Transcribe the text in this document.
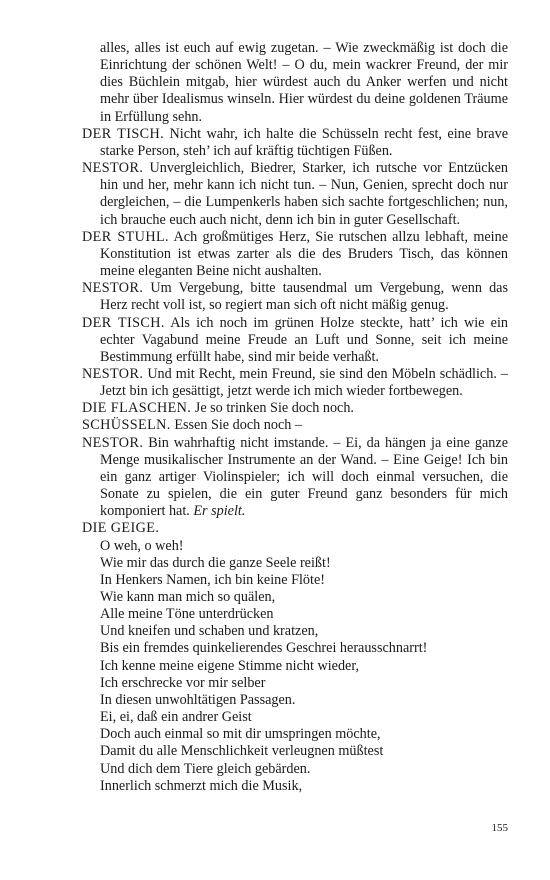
alles, alles ist euch auf ewig zugetan. – Wie zweckmäßig ist doch die Einrichtung der schönen Welt! – O du, mein wackrer Freund, der mir dies Büchlein mitgab, hier würdest auch du Anker werfen und nicht mehr über Idealismus winseln. Hier würdest du deine goldenen Träume in Erfüllung sehn.

DER TISCH. Nicht wahr, ich halte die Schüsseln recht fest, eine brave starke Person, steh’ ich auf kräftig tüchtigen Füßen.

NESTOR. Unvergleichlich, Biedrer, Starker, ich rutsche vor Entzücken hin und her, mehr kann ich nicht tun. – Nun, Genien, sprecht doch nur dergleichen, – die Lumpenkerls haben sich sachte fortgeschlichen; nun, ich brauche euch auch nicht, denn ich bin in guter Gesellschaft.

DER STUHL. Ach großmütiges Herz, Sie rutschen allzu lebhaft, meine Konstitution ist etwas zarter als die des Bruders Tisch, das können meine eleganten Beine nicht aushalten.

NESTOR. Um Vergebung, bitte tausendmal um Vergebung, wenn das Herz recht voll ist, so regiert man sich oft nicht mäßig genug.

DER TISCH. Als ich noch im grünen Holze steckte, hatt’ ich wie ein echter Vagabund meine Freude an Luft und Sonne, seit ich meine Bestimmung erfüllt habe, sind mir beide verhaßt.

NESTOR. Und mit Recht, mein Freund, sie sind den Möbeln schädlich. – Jetzt bin ich gesättigt, jetzt werde ich mich wieder fortbewegen.

DIE FLASCHEN. Je so trinken Sie doch noch.

SCHÜSSELN. Essen Sie doch noch –

NESTOR. Bin wahrhaftig nicht imstande. – Ei, da hängen ja eine ganze Menge musikalischer Instrumente an der Wand. – Eine Geige! Ich bin ein ganz artiger Violinspieler; ich will doch einmal versuchen, die Sonate zu spielen, die ein guter Freund ganz besonders für mich komponiert hat. Er spielt.

DIE GEIGE.

O weh, o weh!

Wie mir das durch die ganze Seele reißt!

In Henkers Namen, ich bin keine Flöte!

Wie kann man mich so quälen,

Alle meine Töne unterdrücken

Und kneifen und schaben und kratzen,

Bis ein fremdes quinkelierendes Geschrei herausschnarrt!

Ich kenne meine eigene Stimme nicht wieder,

Ich erschrecke vor mir selber

In diesen unwohltätigen Passagen.

Ei, ei, daß ein andrer Geist

Doch auch einmal so mit dir umspringen möchte,

Damit du alle Menschlichkeit verleugnen müßtest

Und dich dem Tiere gleich gebärden.

Innerlich schmerzt mich die Musik,

155
